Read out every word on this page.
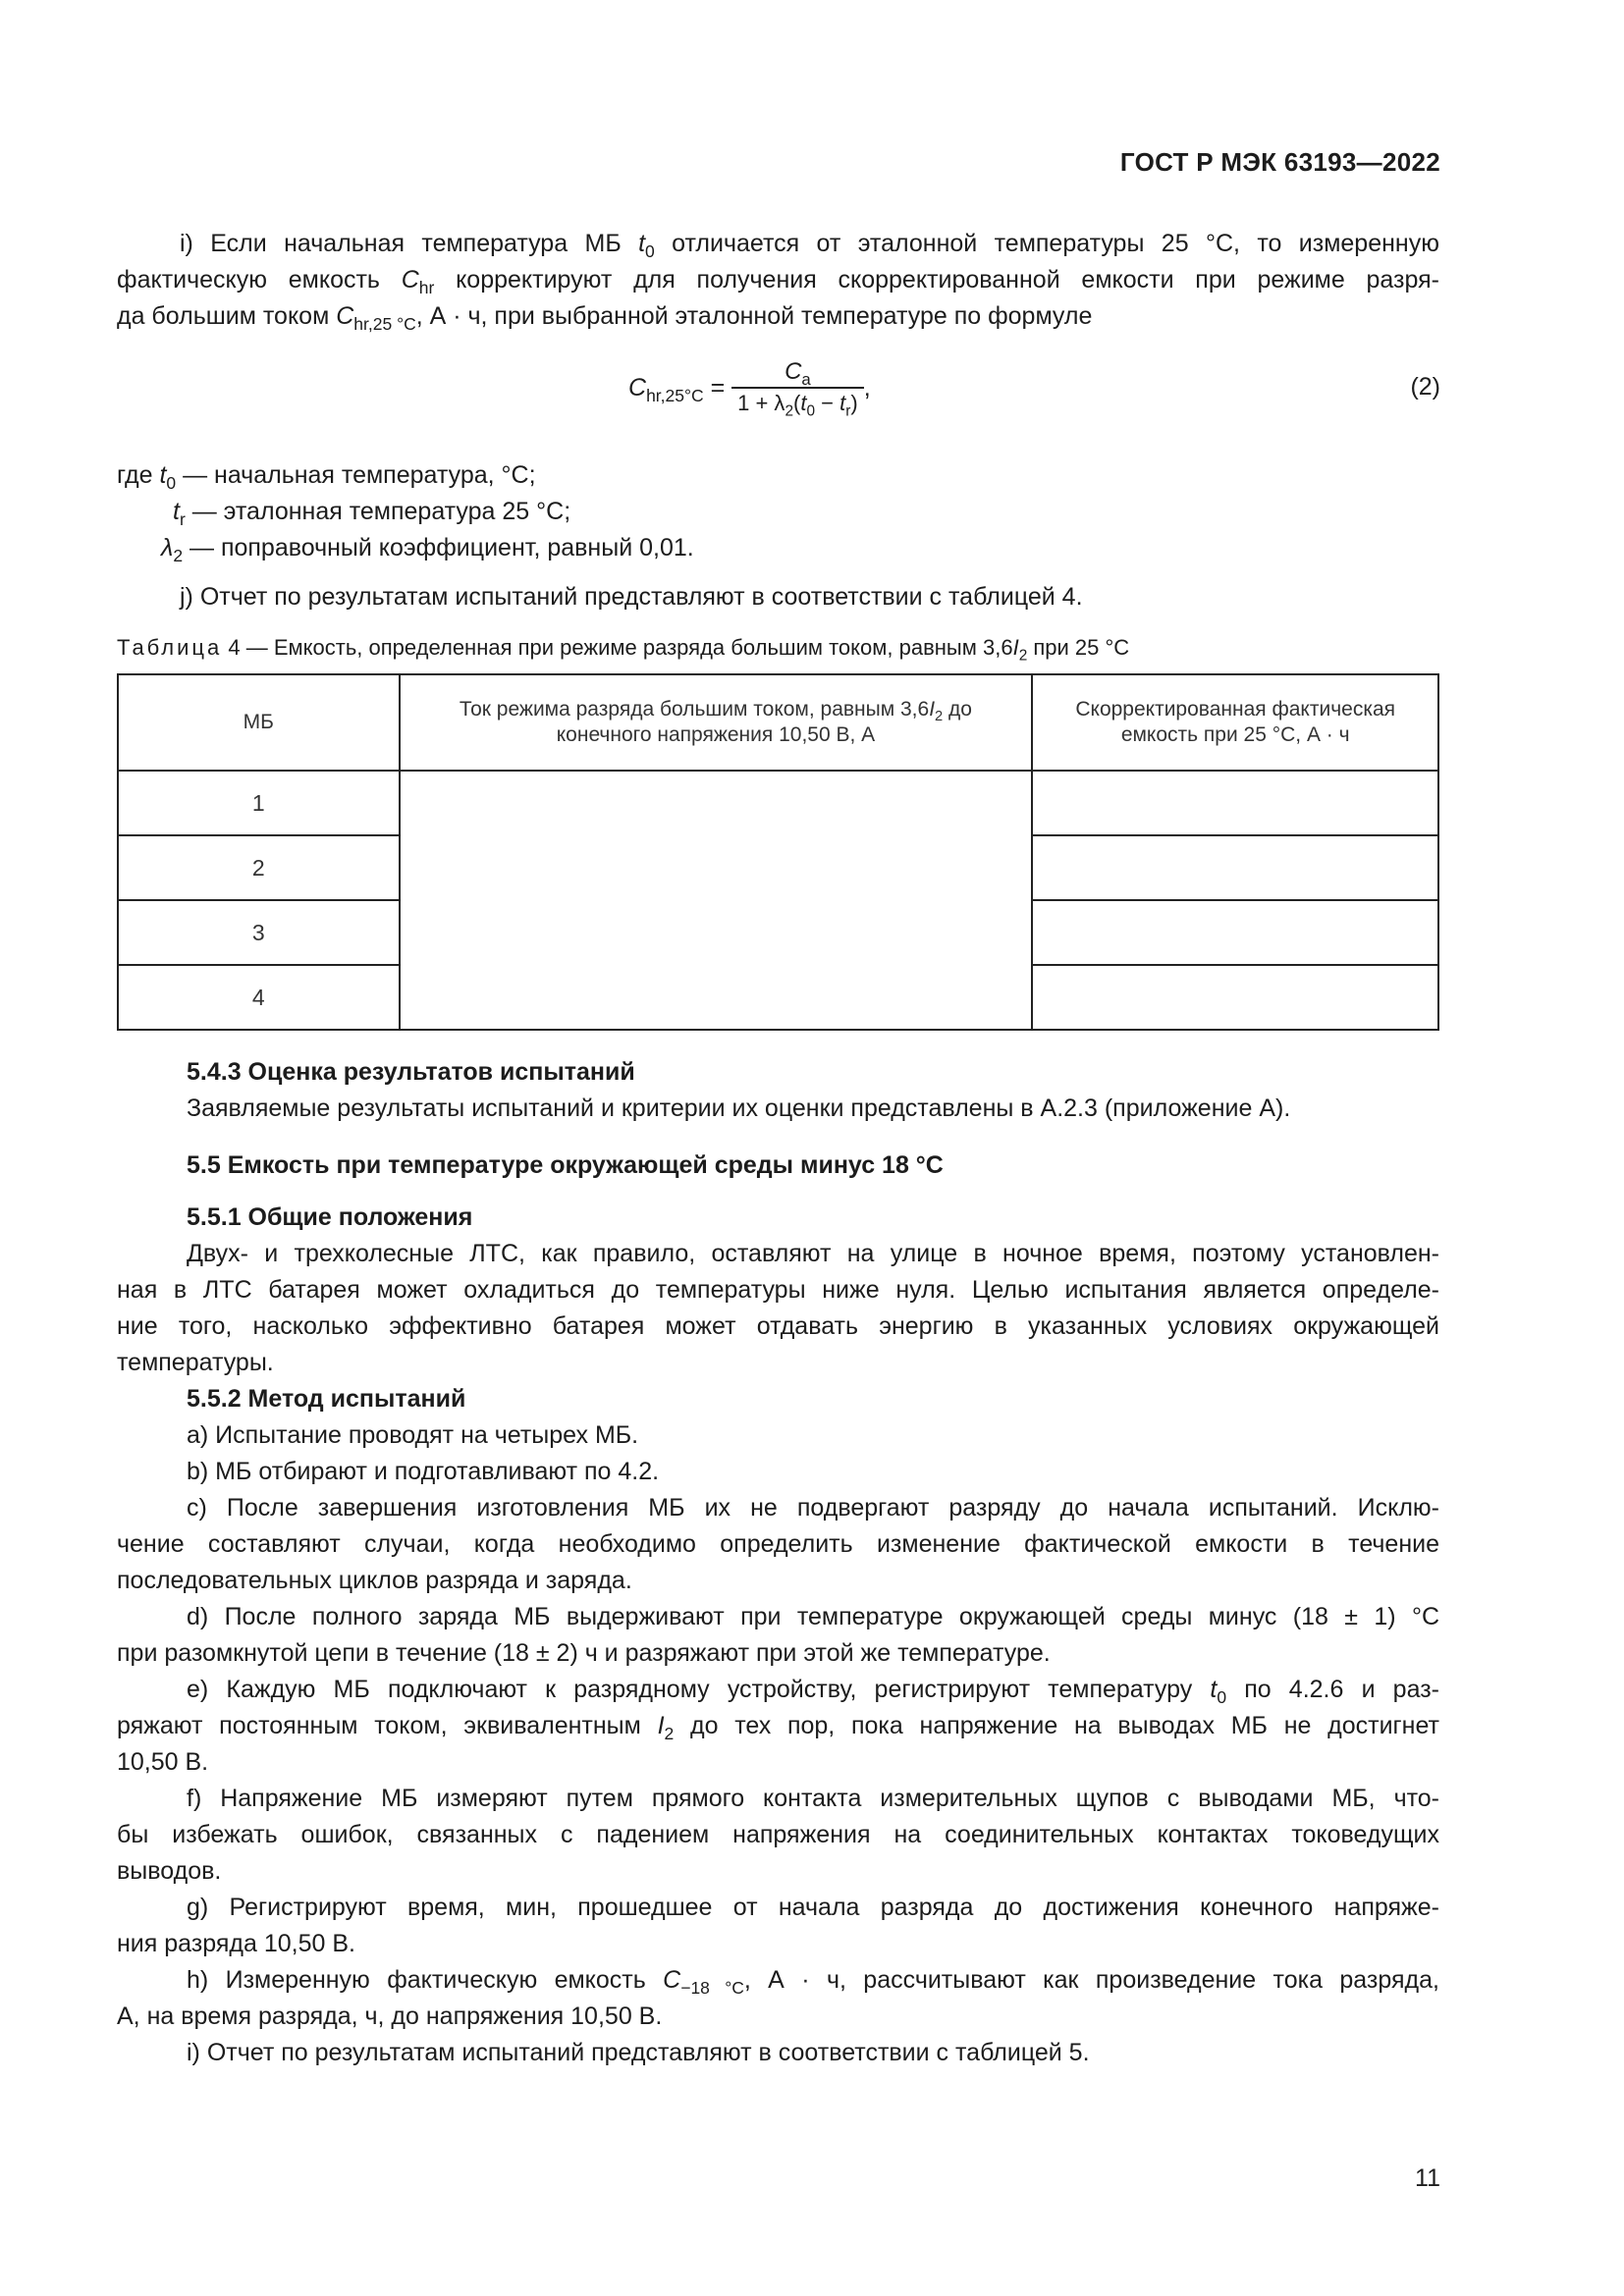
ГОСТ Р МЭК 63193—2022
i) Если начальная температура МБ $t_0$ отличается от эталонной температуры 25 °C, то измеренную
фактическую емкость $C_{hr}$ корректируют для получения скорректированной емкости при режиме разря-
да большим током $C_{hr,25 ^\circ C}$, А · ч, при выбранной эталонной температуре по формуле
$C_{hr,25^\circ C} = \frac{C_a}{1 + \lambda_2(t_0 - t_r)}$ ,	(2)
где $t_0$ — начальная температура, °C;
$t_r$ — эталонная температура 25 °C;
$\lambda_2$ — поправочный коэффициент, равный 0,01.
j) Отчет по результатам испытаний представляют в соответствии с таблицей 4.
Таблица 4 — Емкость, определенная при режиме разряда большим током, равным $3,6I_2$ при 25 °C
МБ	Ток режима разряда большим током, равным $3,6I_2$ до конечного напряжения 10,50 В, А	Скорректированная фактическая емкость при 25 °С, А · ч
1		
2		
3		
4		
5.4.3 Оценка результатов испытаний
Заявляемые результаты испытаний и критерии их оценки представлены в А.2.3 (приложение А).
5.5 Емкость при температуре окружающей среды минус 18 °С
5.5.1 Общие положения
Двух- и трехколесные ЛТС, как правило, оставляют на улице в ночное время, поэтому установлен-
ная в ЛТС батарея может охладиться до температуры ниже нуля. Целью испытания является определе-
ние того, насколько эффективно батарея может отдавать энергию в указанных условиях окружающей
температуры.
5.5.2 Метод испытаний
a) Испытание проводят на четырех МБ.
b) МБ отбирают и подготавливают по 4.2.
c) После завершения изготовления МБ их не подвергают разряду до начала испытаний. Исклю-
чение составляют случаи, когда необходимо определить изменение фактической емкости в течение
последовательных циклов разряда и заряда.
d) После полного заряда МБ выдерживают при температуре окружающей среды минус (18 ± 1) °С
при разомкнутой цепи в течение (18 ± 2) ч и разряжают при этой же температуре.
e) Каждую МБ подключают к разрядному устройству, регистрируют температуру $t_0$ по 4.2.6 и раз-
ряжают постоянным током, эквивалентным $I_2$ до тех пор, пока напряжение на выводах МБ не достигнет
10,50 В.
f) Напряжение МБ измеряют путем прямого контакта измерительных щупов с выводами МБ, что-
бы избежать ошибок, связанных с падением напряжения на соединительных контактах токоведущих
выводов.
g) Регистрируют время, мин, прошедшее от начала разряда до достижения конечного напряже-
ния разряда 10,50 В.
h) Измеренную фактическую емкость $C_{-18 ^\circ C}$, А · ч, рассчитывают как произведение тока разряда,
А, на время разряда, ч, до напряжения 10,50 В.
i) Отчет по результатам испытаний представляют в соответствии с таблицей 5.
11
